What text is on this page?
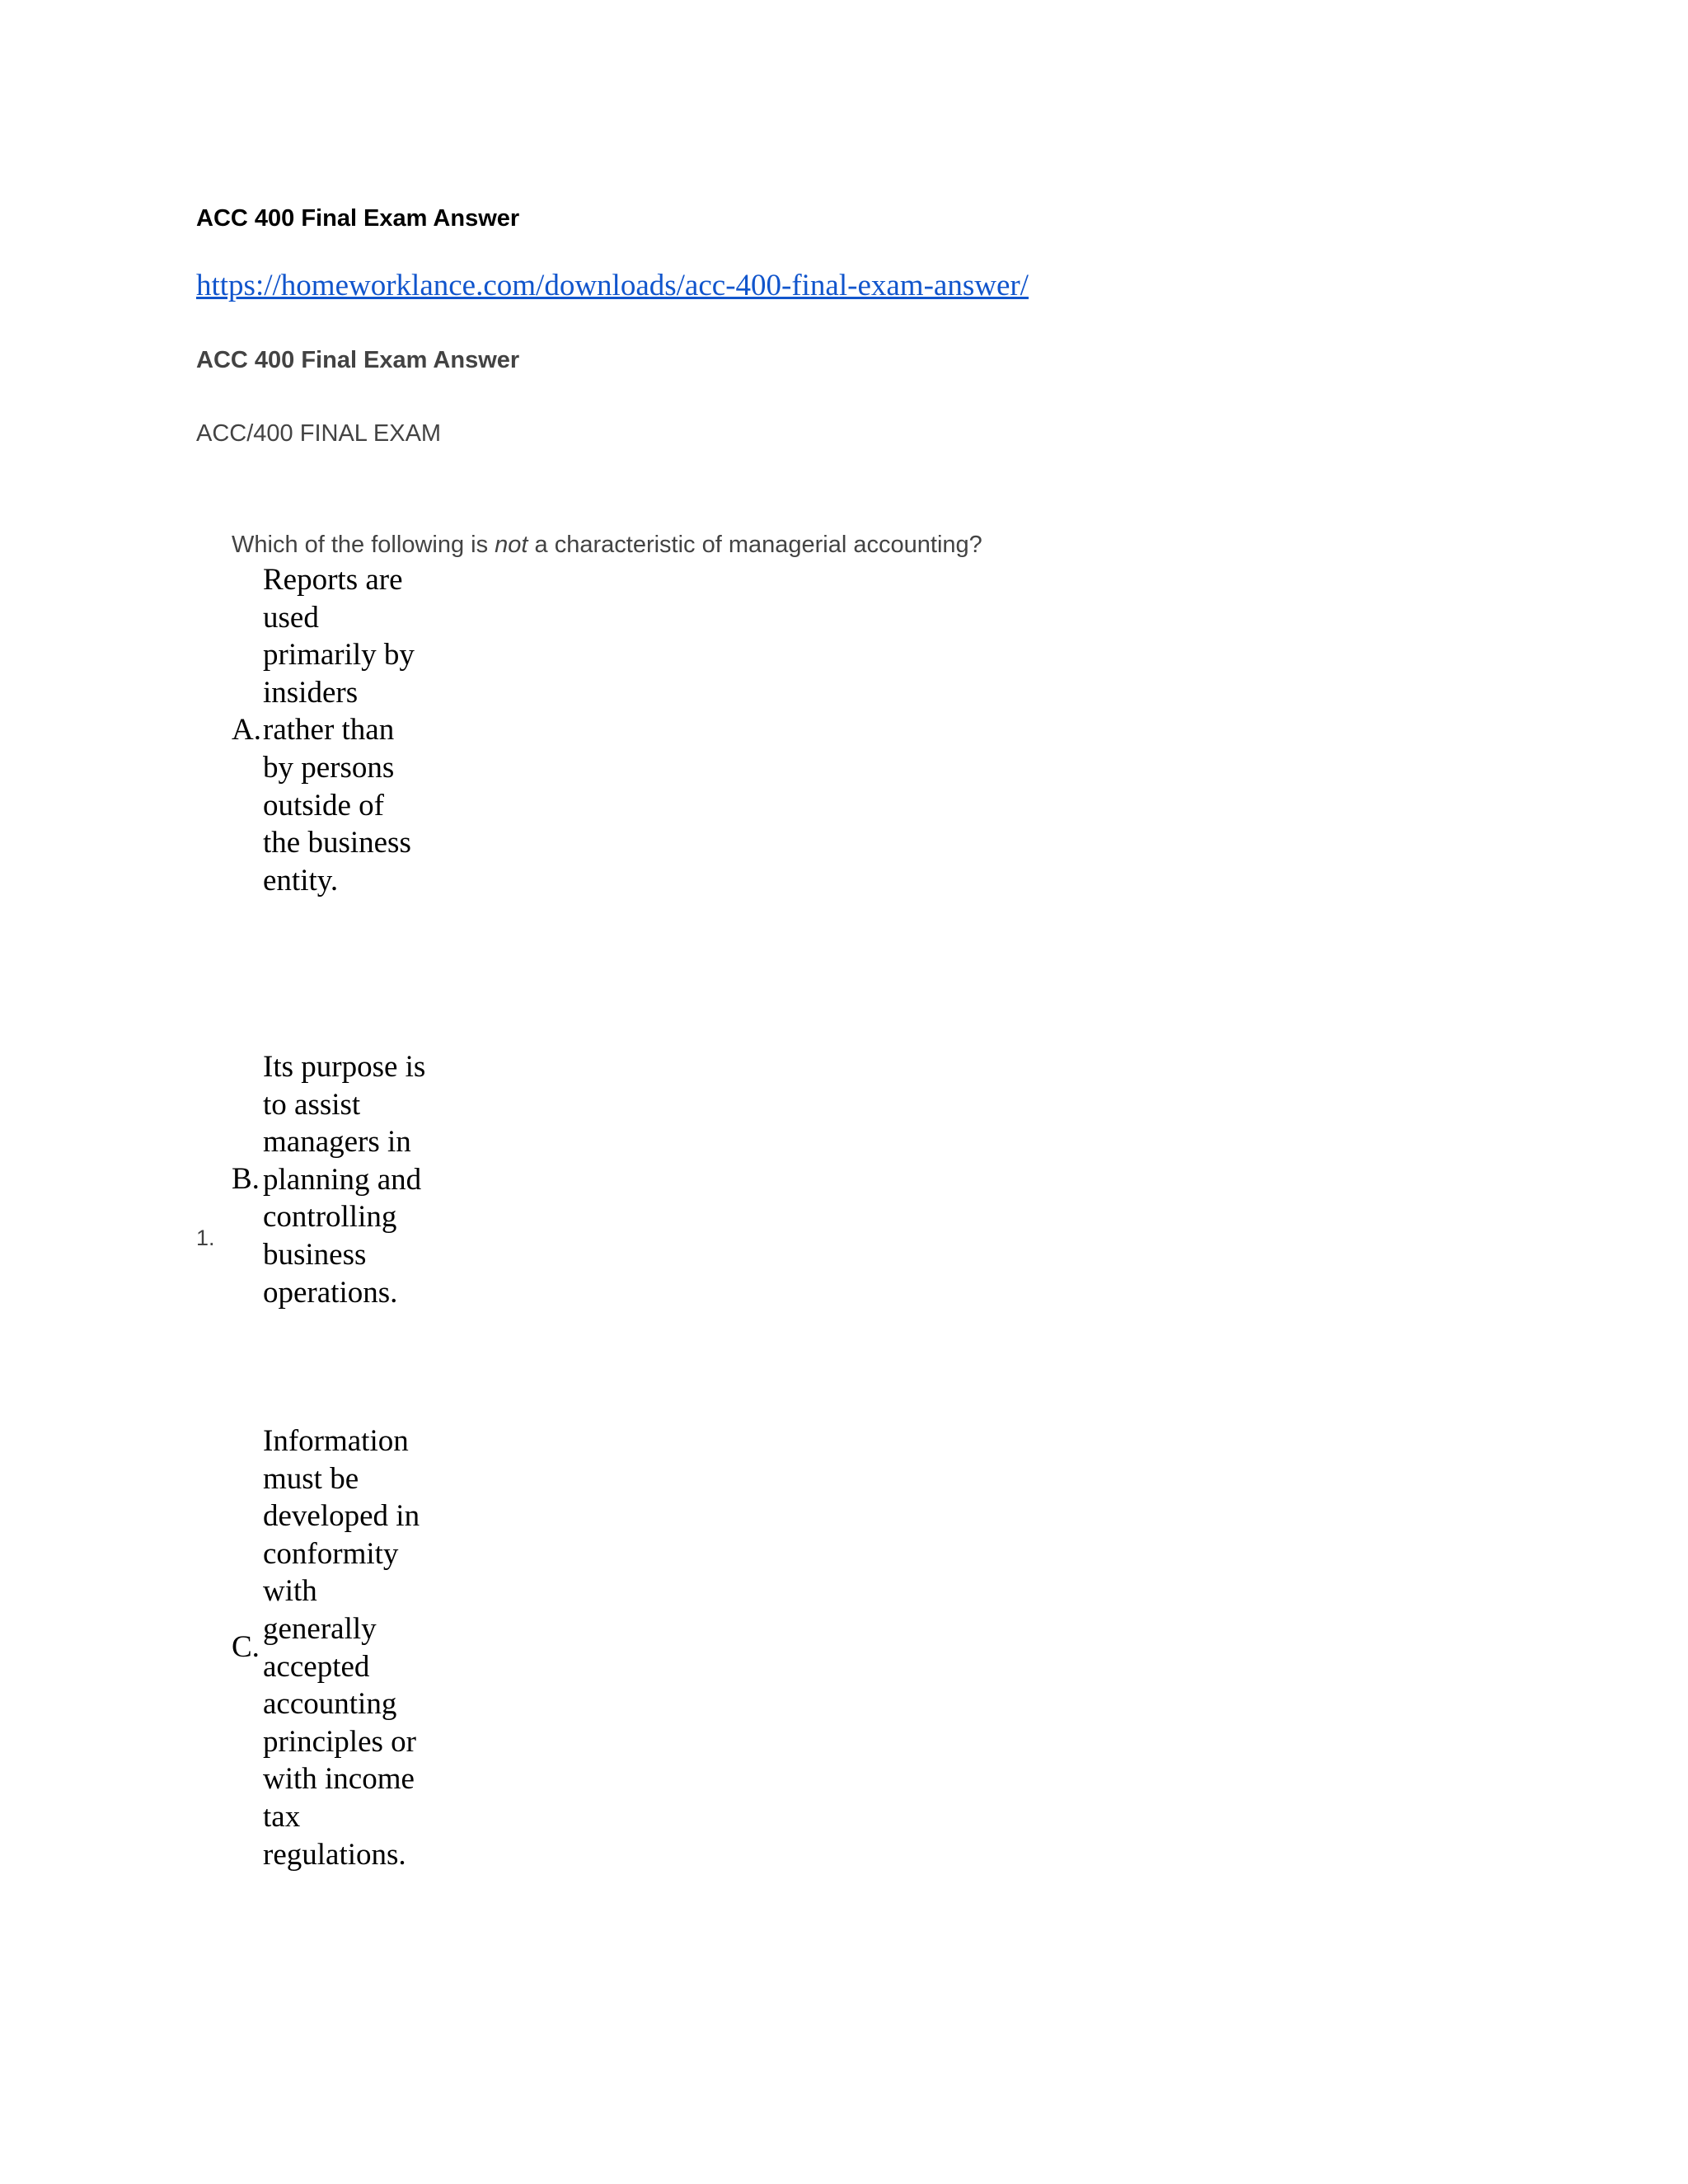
ACC 400 Final Exam Answer
https://homeworklance.com/downloads/acc-400-final-exam-answer/
ACC 400 Final Exam Answer
ACC/400 FINAL EXAM
1.
Which of the following is not a characteristic of managerial accounting?
A.
Reports are used primarily by insiders rather than by persons outside of the business entity.
B.
Its purpose is to assist managers in planning and controlling business operations.
C.
Information must be developed in conformity with generally accepted accounting principles or with income tax regulations.
